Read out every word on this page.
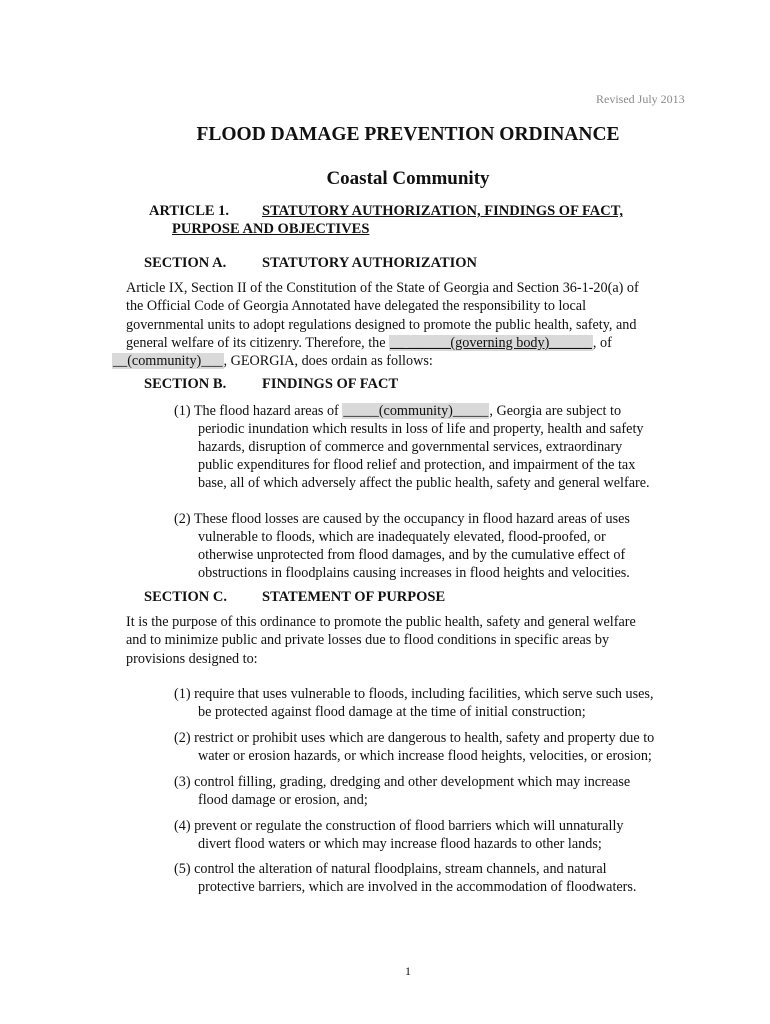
Revised July 2013
FLOOD DAMAGE PREVENTION ORDINANCE
Coastal Community
ARTICLE 1. STATUTORY AUTHORIZATION, FINDINGS OF FACT,
PURPOSE AND OBJECTIVES
SECTION A. STATUTORY AUTHORIZATION
Article IX, Section II of the Constitution of the State of Georgia and Section 36-1-20(a) of
the Official Code of Georgia Annotated have delegated the responsibility to local
governmental units to adopt regulations designed to promote the public health, safety, and
general welfare of its citizenry. Therefore, the __ ______(governing body)______, of
__(community)___, GEORGIA, does ordain as follows:
SECTION B. FINDINGS OF FACT
(1) The flood hazard areas of _____(community)_____, Georgia are subject to
periodic inundation which results in loss of life and property, health and safety
hazards, disruption of commerce and governmental services, extraordinary
public expenditures for flood relief and protection, and impairment of the tax
base, all of which adversely affect the public health, safety and general welfare.
(2) These flood losses are caused by the occupancy in flood hazard areas of uses
vulnerable to floods, which are inadequately elevated, flood-proofed, or
otherwise unprotected from flood damages, and by the cumulative effect of
obstructions in floodplains causing increases in flood heights and velocities.
SECTION C. STATEMENT OF PURPOSE
It is the purpose of this ordinance to promote the public health, safety and general welfare
and to minimize public and private losses due to flood conditions in specific areas by
provisions designed to:
(1) require that uses vulnerable to floods, including facilities, which serve such uses,
be protected against flood damage at the time of initial construction;
(2) restrict or prohibit uses which are dangerous to health, safety and property due to
water or erosion hazards, or which increase flood heights, velocities, or erosion;
(3) control filling, grading, dredging and other development which may increase
flood damage or erosion, and;
(4) prevent or regulate the construction of flood barriers which will unnaturally
divert flood waters or which may increase flood hazards to other lands;
(5) control the alteration of natural floodplains, stream channels, and natural
protective barriers, which are involved in the accommodation of floodwaters.
1
